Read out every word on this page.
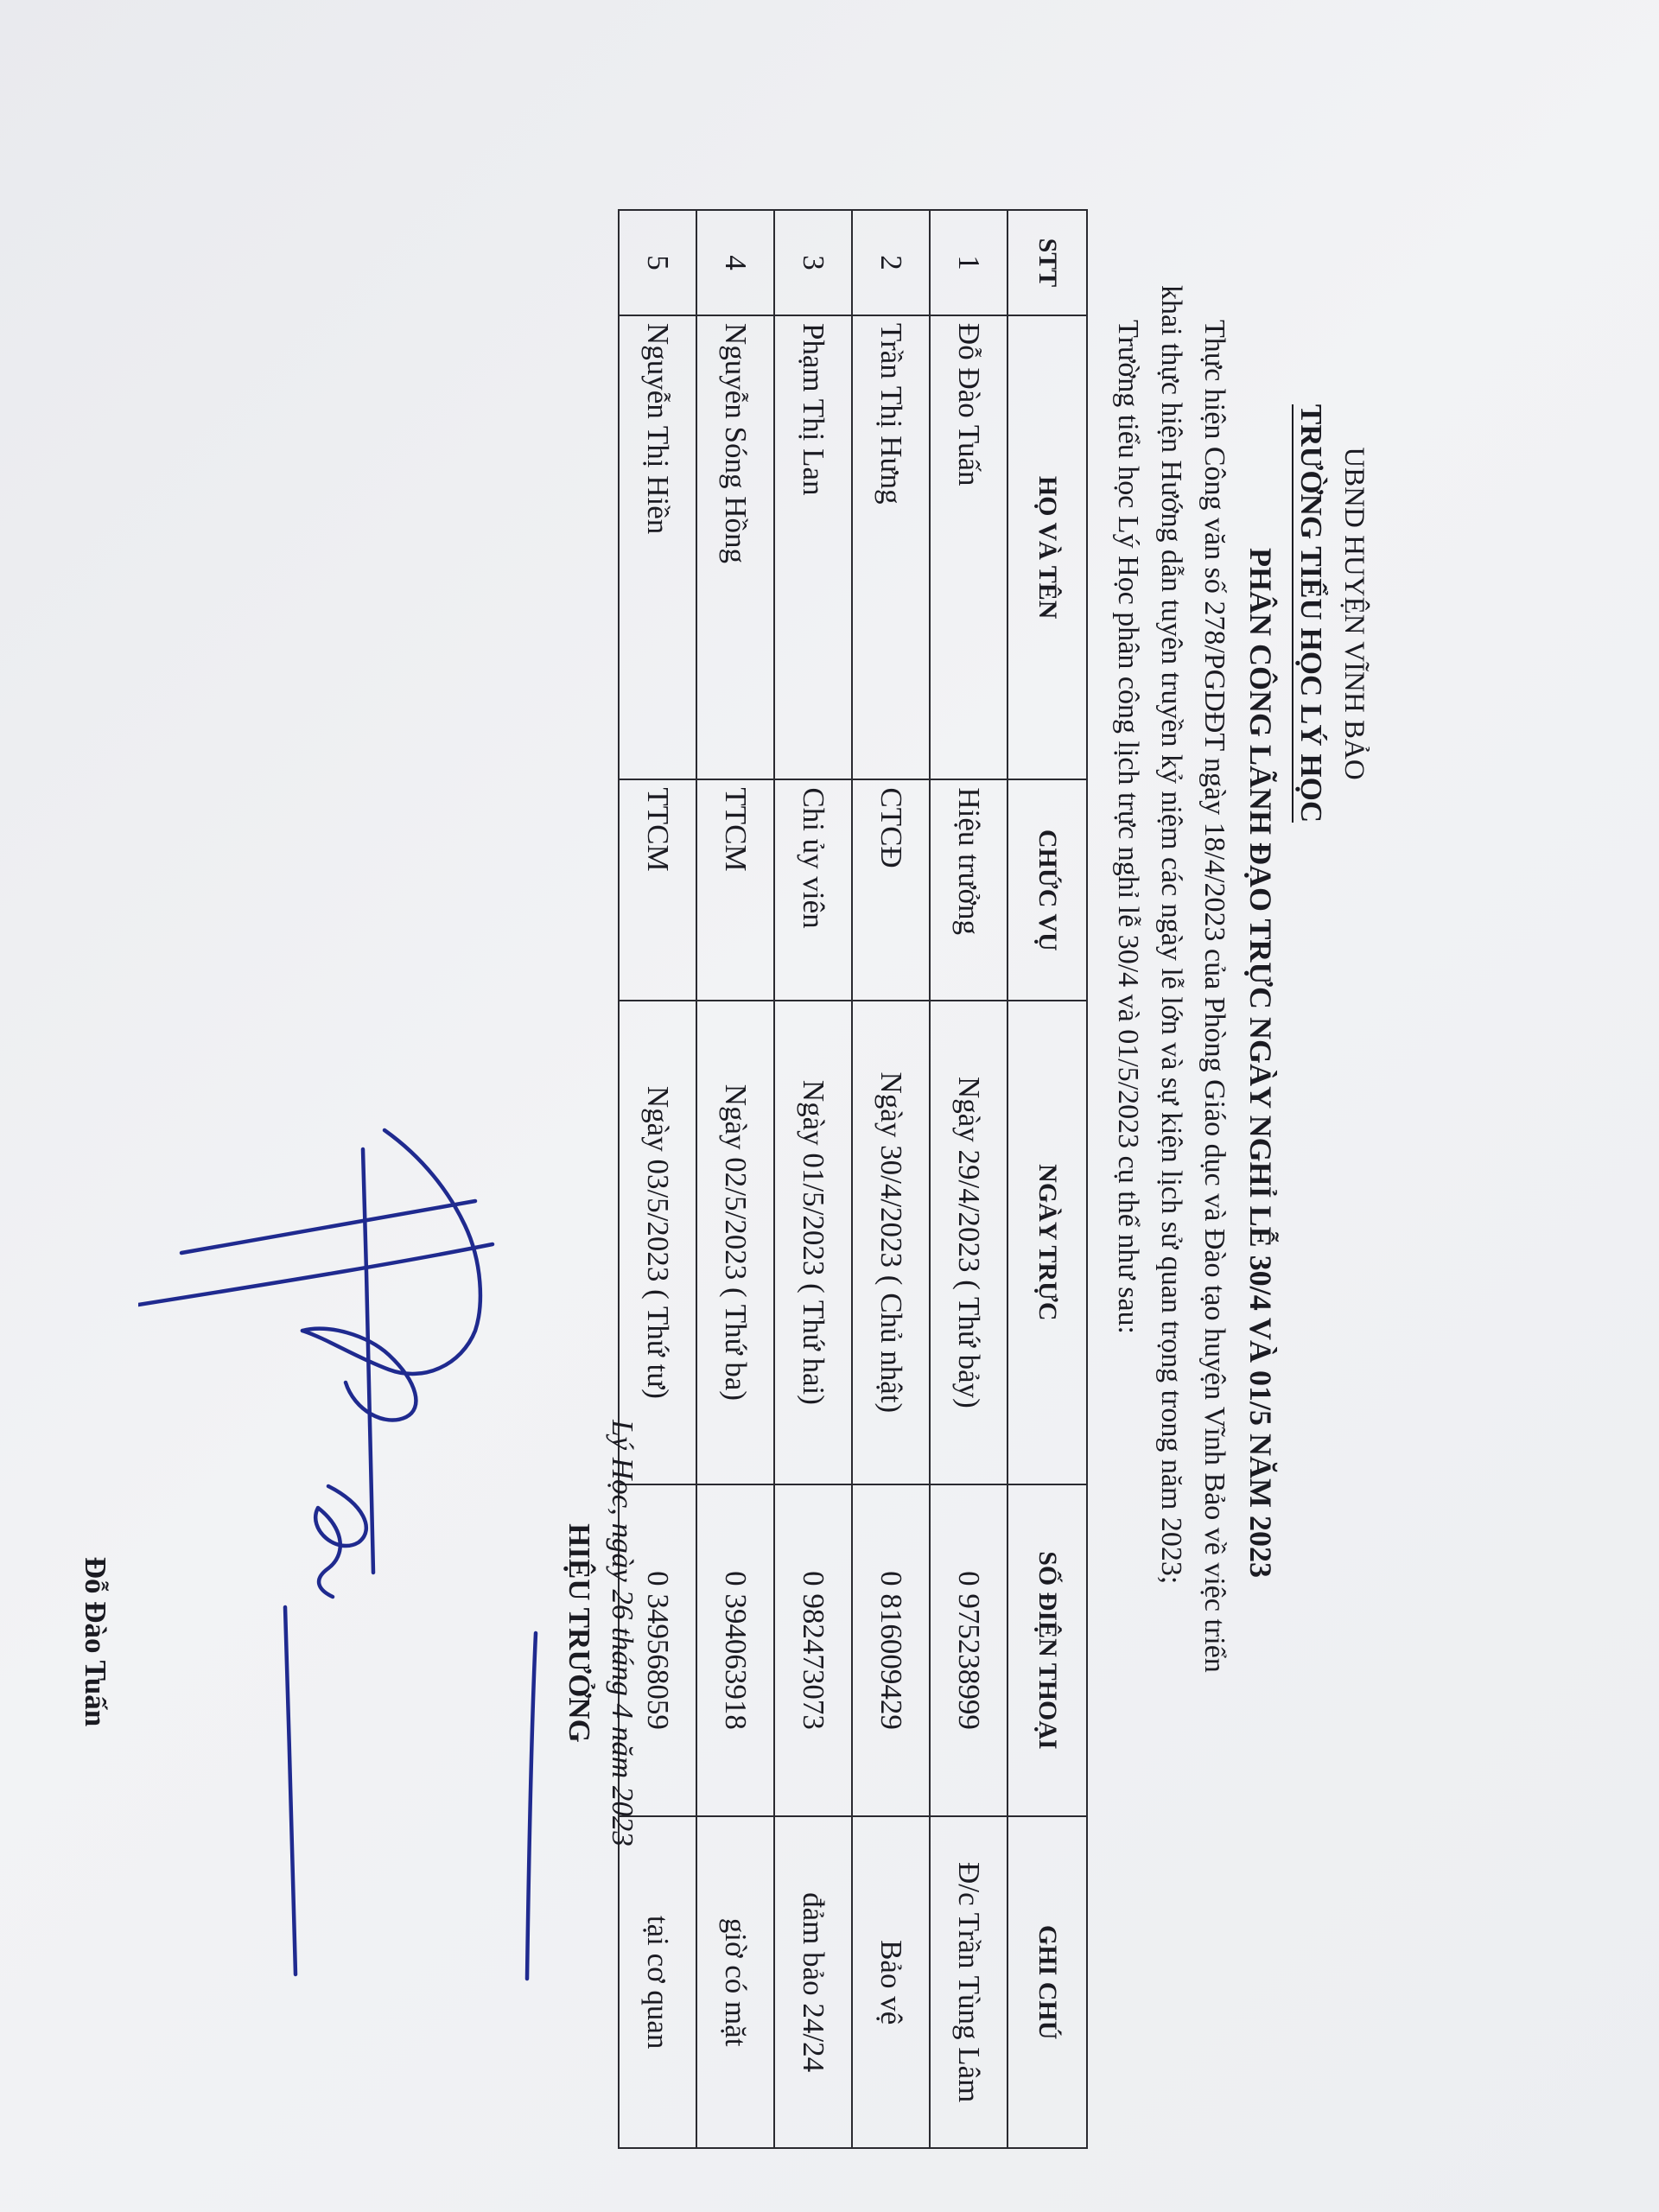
UBND HUYỆN VĨNH BẢO
TRƯỜNG TIỂU HỌC LÝ HỌC
PHÂN CÔNG LÃNH ĐẠO TRỰC NGÀY NGHỈ LỄ 30/4 VÀ 01/5 NĂM 2023
Thực hiện Công văn số 278/PGDĐT ngày 18/4/2023 của Phòng Giáo dục và Đào tạo huyện Vĩnh Bảo về việc triển
khai thực hiện Hướng dẫn tuyên truyền kỷ niệm các ngày lễ lớn và sự kiện lịch sử quan trọng trong năm 2023;
Trường tiểu học Lý Học phân công lịch trực nghỉ lễ 30/4 và 01/5/2023 cụ thể như sau:
STT	HỌ VÀ TÊN	CHỨC VỤ	NGÀY TRỰC	SỐ ĐIỆN THOẠI	GHI CHÚ
1	Đỗ Đào Tuấn	Hiệu trưởng	Ngày 29/4/2023 ( Thứ bảy)	0 975238999	Đ/c Trần Tùng Lâm
2	Trần Thị Hưng	CTCĐ	Ngày 30/4/2023 ( Chủ nhật)	0 816009429	Bảo vệ
3	Phạm Thị Lan	Chi ủy viên	Ngày 01/5/2023 ( Thứ hai)	0 982473073	đảm bảo 24/24
4	Nguyễn Sóng Hồng	TTCM	Ngày 02/5/2023 ( Thứ ba)	0 394063918	giờ có mặt
5	Nguyễn Thị Hiền	TTCM	Ngày 03/5/2023 ( Thứ tư)	0 349568059	tại cơ quan
Lý Học, ngày 26 tháng 4 năm 2023
HIỆU TRƯỞNG
Đỗ Đào Tuấn
